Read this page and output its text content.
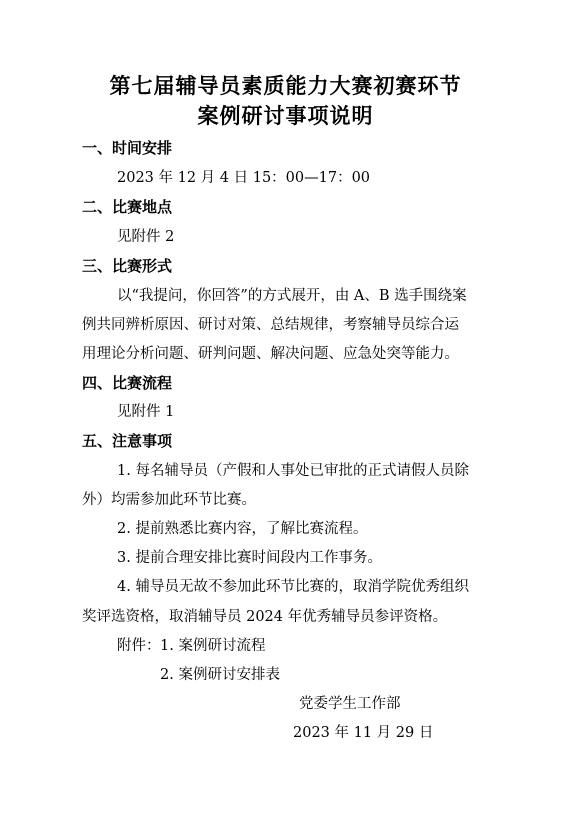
第七届辅导员素质能力大赛初赛环节
案例研讨事项说明
一、时间安排
2023 年 12 月 4 日 15：00—17：00
二、比赛地点
见附件 2
三、比赛形式
以“我提问，你回答”的方式展开，由 A、B 选手围绕案
例共同辨析原因、研讨对策、总结规律，考察辅导员综合运
用理论分析问题、研判问题、解决问题、应急处突等能力。
四、比赛流程
见附件 1
五、注意事项
1. 每名辅导员（产假和人事处已审批的正式请假人员除
外）均需参加此环节比赛。
2. 提前熟悉比赛内容，了解比赛流程。
3. 提前合理安排比赛时间段内工作事务。
4. 辅导员无故不参加此环节比赛的，取消学院优秀组织
奖评选资格，取消辅导员 2024 年优秀辅导员参评资格。
附件： 1. 案例研讨流程
2. 案例研讨安排表
党委学生工作部
2023 年 11 月 29 日
